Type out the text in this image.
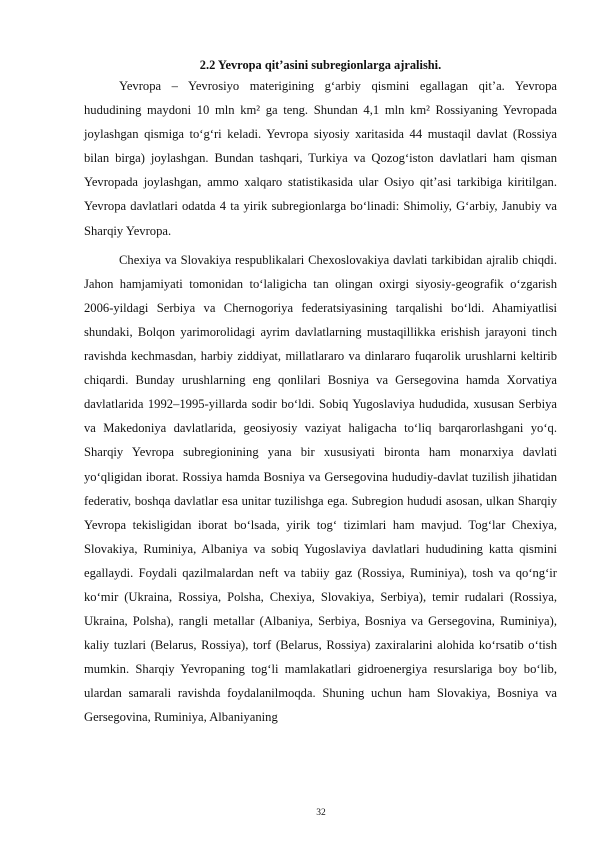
2.2 Yevropa qit’asini subregionlarga ajralishi.

Yevropa – Yevrosiyo materigining g‘arbiy qismini egallagan qit’a. Yevropa hududining maydoni 10 mln km² ga teng. Shundan 4,1 mln km² Rossiyaning Yevropada joylashgan qismiga to‘g‘ri keladi. Yevropa siyosiy xaritasida 44 mustaqil davlat (Rossiya bilan birga) joylashgan. Bundan tashqari, Turkiya va Qozog‘iston davlatlari ham qisman Yevropada joylashgan, ammo xalqaro statistikasida ular Osiyo qit’asi tarkibiga kiritilgan. Yevropa davlatlari odatda 4 ta yirik subregionlarga bo‘linadi: Shimoliy, G‘arbiy, Janubiy va Sharqiy Yevropa.

Chexiya va Slovakiya respublikalari Chexoslovakiya davlati tarkibidan ajralib chiqdi. Jahon hamjamiyati tomonidan to‘laligicha tan olingan oxirgi siyosiy-geografik o‘zgarish 2006-yildagi Serbiya va Chernogoriya federatsiyasining tarqalishi bo‘ldi. Ahamiyatlisi shundaki, Bolqon yarimorolidagi ayrim davlatlarning mustaqillikka erishish jarayoni tinch ravishda kechmasdan, harbiy ziddiyat, millatlararo va dinlararo fuqarolik urushlarni keltirib chiqardi. Bunday urushlarning eng qonlilari Bosniya va Gersegovina hamda Xorvatiya davlatlarida 1992–1995-yillarda sodir bo‘ldi. Sobiq Yugoslaviya hududida, xususan Serbiya va Makedoniya davlatlarida, geosiyosiy vaziyat haligacha to‘liq barqarorlashgani yo‘q. Sharqiy Yevropa subregionining yana bir xususiyati bironta ham monarxiya davlati yo‘qligidan iborat. Rossiya hamda Bosniya va Gersegovina hududiy-davlat tuzilish jihatidan federativ, boshqa davlatlar esa unitar tuzilishga ega. Subregion hududi asosan, ulkan Sharqiy Yevropa tekisligidan iborat bo‘lsada, yirik tog‘ tizimlari ham mavjud. Tog‘lar Chexiya, Slovakiya, Ruminiya, Albaniya va sobiq Yugoslaviya davlatlari hududining katta qismini egallaydi. Foydali qazilmalardan neft va tabiiy gaz (Rossiya, Ruminiya), tosh va qo‘ng‘ir ko‘mir (Ukraina, Rossiya, Polsha, Chexiya, Slovakiya, Serbiya), temir rudalari (Rossiya, Ukraina, Polsha), rangli metallar (Albaniya, Serbiya, Bosniya va Gersegovina, Ruminiya), kaliy tuzlari (Belarus, Rossiya), torf (Belarus, Rossiya) zaxiralarini alohida ko‘rsatib o‘tish mumkin. Sharqiy Yevropaning tog‘li mamlakatlari gidroenergiya resurslariga boy bo‘lib, ulardan samarali ravishda foydalanilmoqda. Shuning uchun ham Slovakiya, Bosniya va Gersegovina, Ruminiya, Albaniyaning

32
